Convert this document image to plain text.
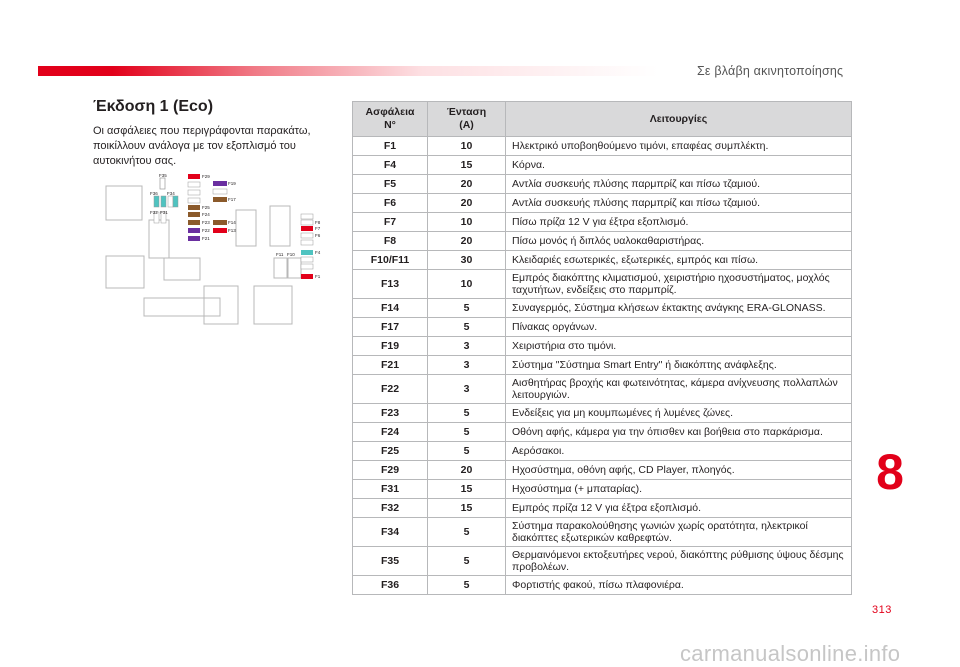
Σε βλάβη ακινητοποίησης
Έκδοση 1 (Eco)
Οι ασφάλειες που περιγράφονται παρακάτω, ποικίλλουν ανάλογα με τον εξοπλισμό του αυτοκινήτου σας.
F35
F36 F34
F32 F31
F29
F19
F17
F25
F24
F23	F14
F22	F13
F21
F11 F10
F8
F7
F6
F4
F1
Ασφάλεια
N°	Ένταση
(A)	Λειτουργίες
F1	10	Ηλεκτρικό υποβοηθούμενο τιμόνι, επαφέας συμπλέκτη.
F4	15	Κόρνα.
F5	20	Αντλία συσκευής πλύσης παρμπρίζ και πίσω τζαμιού.
F6	20	Αντλία συσκευής πλύσης παρμπρίζ και πίσω τζαμιού.
F7	10	Πίσω πρίζα 12 V για έξτρα εξοπλισμό.
F8	20	Πίσω μονός ή διπλός υαλοκαθαριστήρας.
F10/F11	30	Κλειδαριές εσωτερικές, εξωτερικές, εμπρός και πίσω.
F13	10	Εμπρός διακόπτης κλιματισμού, χειριστήριο ηχοσυστήματος, μοχλός ταχυτήτων, ενδείξεις στο παρμπρίζ.
F14	5	Συναγερμός, Σύστημα κλήσεων έκτακτης ανάγκης ERA-GLONASS.
F17	5	Πίνακας οργάνων.
F19	3	Χειριστήρια στο τιμόνι.
F21	3	Σύστημα "Σύστημα Smart Entry" ή διακόπτης ανάφλεξης.
F22	3	Αισθητήρας βροχής και φωτεινότητας, κάμερα ανίχνευσης πολλαπλών λειτουργιών.
F23	5	Ενδείξεις για μη κουμπωμένες ή λυμένες ζώνες.
F24	5	Οθόνη αφής, κάμερα για την όπισθεν και βοήθεια στο παρκάρισμα.
F25	5	Αερόσακοι.
F29	20	Ηχοσύστημα, οθόνη αφής, CD Player, πλοηγός.
F31	15	Ηχοσύστημα (+ μπαταρίας).
F32	15	Εμπρός πρίζα 12 V για έξτρα εξοπλισμό.
F34	5	Σύστημα παρακολούθησης γωνιών χωρίς ορατότητα, ηλεκτρικοί διακόπτες εξωτερικών καθρεφτών.
F35	5	Θερμαινόμενοι εκτοξευτήρες νερού, διακόπτης ρύθμισης ύψους δέσμης προβολέων.
F36	5	Φορτιστής φακού, πίσω πλαφονιέρα.
8
313
carmanualsonline.info
